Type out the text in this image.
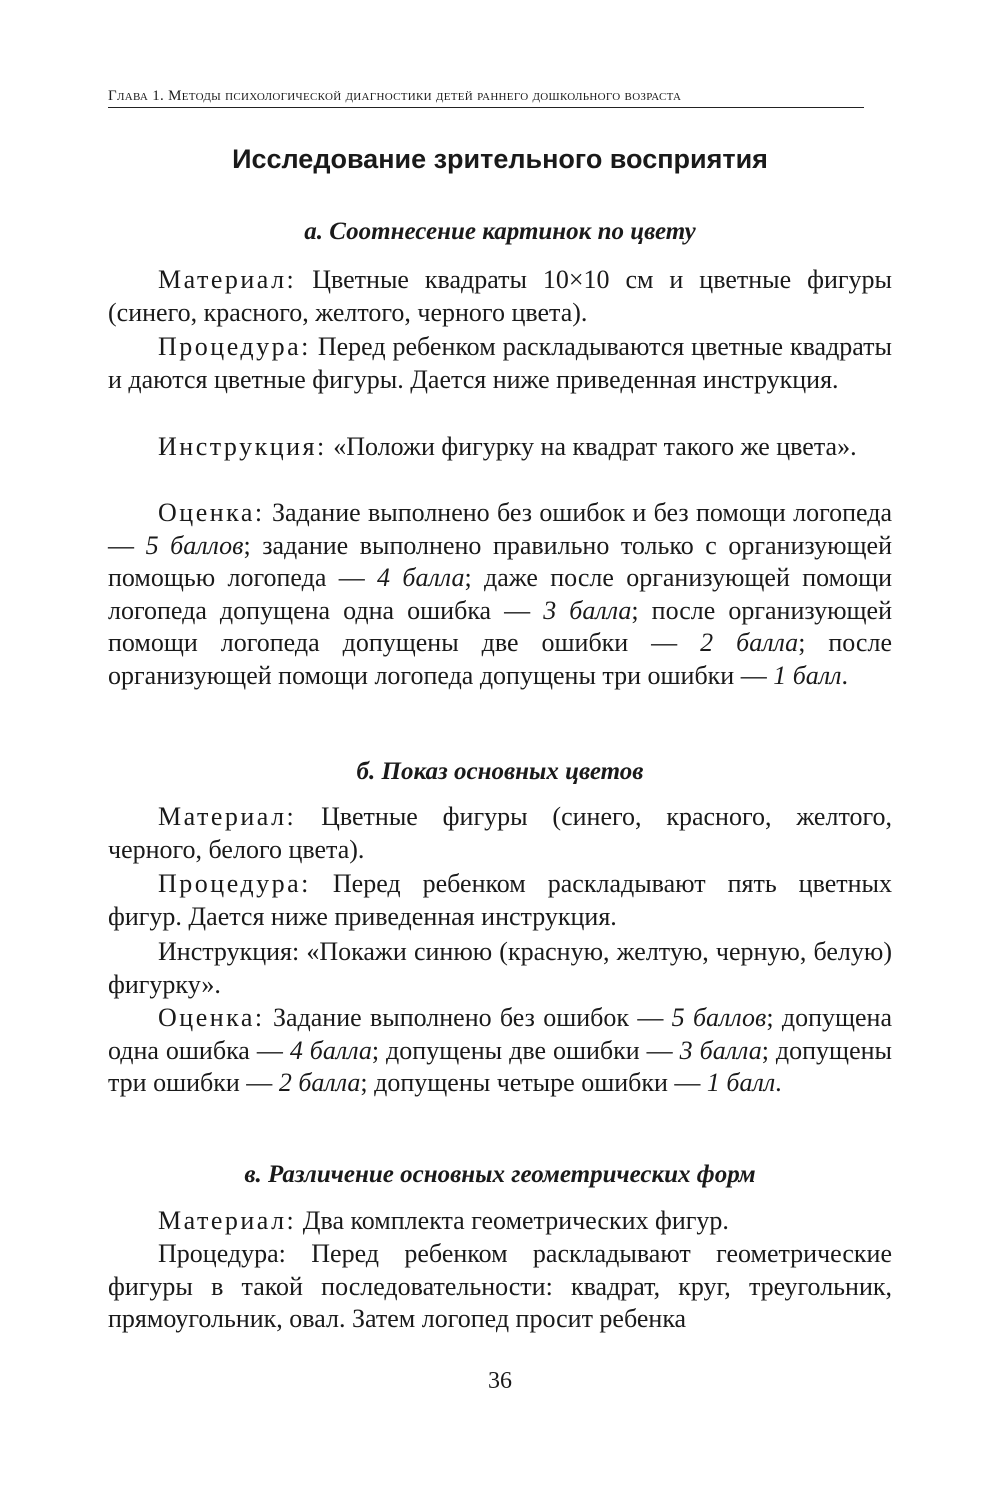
Глава 1. Методы психологической диагностики детей раннего дошкольного возраста
Исследование зрительного восприятия
а. Соотнесение картинок по цвету

Материал: Цветные квадраты 10×10 см и цветные фигуры (синего, красного, желтого, черного цвета).

Процедура: Перед ребенком раскладываются цветные квадраты и даются цветные фигуры. Дается ниже приведенная инструкция.

Инструкция: «Положи фигурку на квадрат такого же цвета».

Оценка: Задание выполнено без ошибок и без помощи логопеда — 5 баллов; задание выполнено правильно только с организующей помощью логопеда — 4 балла; даже после организующей помощи логопеда допущена одна ошибка — 3 балла; после организующей помощи логопеда допущены две ошибки — 2 балла; после организующей помощи логопеда допущены три ошибки — 1 балл.

б. Показ основных цветов

Материал: Цветные фигуры (синего, красного, желтого, черного, белого цвета).

Процедура: Перед ребенком раскладывают пять цветных фигур. Дается ниже приведенная инструкция.

Инструкция: «Покажи синюю (красную, желтую, черную, белую) фигурку».

Оценка: Задание выполнено без ошибок — 5 баллов; допущена одна ошибка — 4 балла; допущены две ошибки — 3 балла; допущены три ошибки — 2 балла; допущены четыре ошибки — 1 балл.

в. Различение основных геометрических форм

Материал: Два комплекта геометрических фигур.

Процедура: Перед ребенком раскладывают геометрические фигуры в такой последовательности: квадрат, круг, треугольник, прямоугольник, овал. Затем логопед просит ребенка

36
